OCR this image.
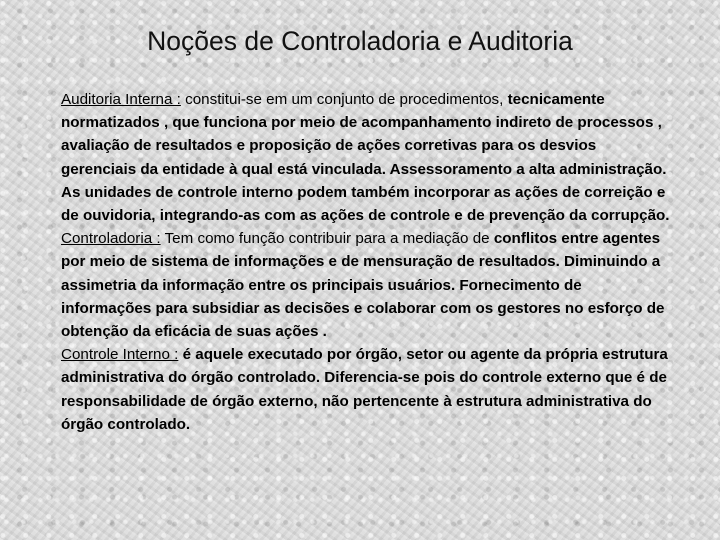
Noções de Controladoria e Auditoria

Auditoria Interna : constitui-se em um conjunto de procedimentos, tecnicamente normatizados , que funciona por meio de acompanhamento indireto de processos , avaliação de resultados e proposição de ações corretivas para os desvios gerenciais da entidade à qual está vinculada. Assessoramento a alta administração. As unidades de controle interno podem também incorporar as ações de correição e de ouvidoria, integrando-as com as ações de controle e de prevenção da corrupção.

Controladoria : Tem como função contribuir para a mediação de conflitos entre agentes por meio de sistema de informações e de mensuração de resultados. Diminuindo a assimetria da informação entre os principais usuários. Fornecimento de informações para subsidiar as decisões e colaborar com os gestores no esforço de obtenção da eficácia de suas ações .

Controle Interno : é aquele executado por órgão, setor ou agente da própria estrutura administrativa do órgão controlado. Diferencia-se pois do controle externo que é de responsabilidade de órgão externo, não pertencente à estrutura administrativa do órgão controlado.
